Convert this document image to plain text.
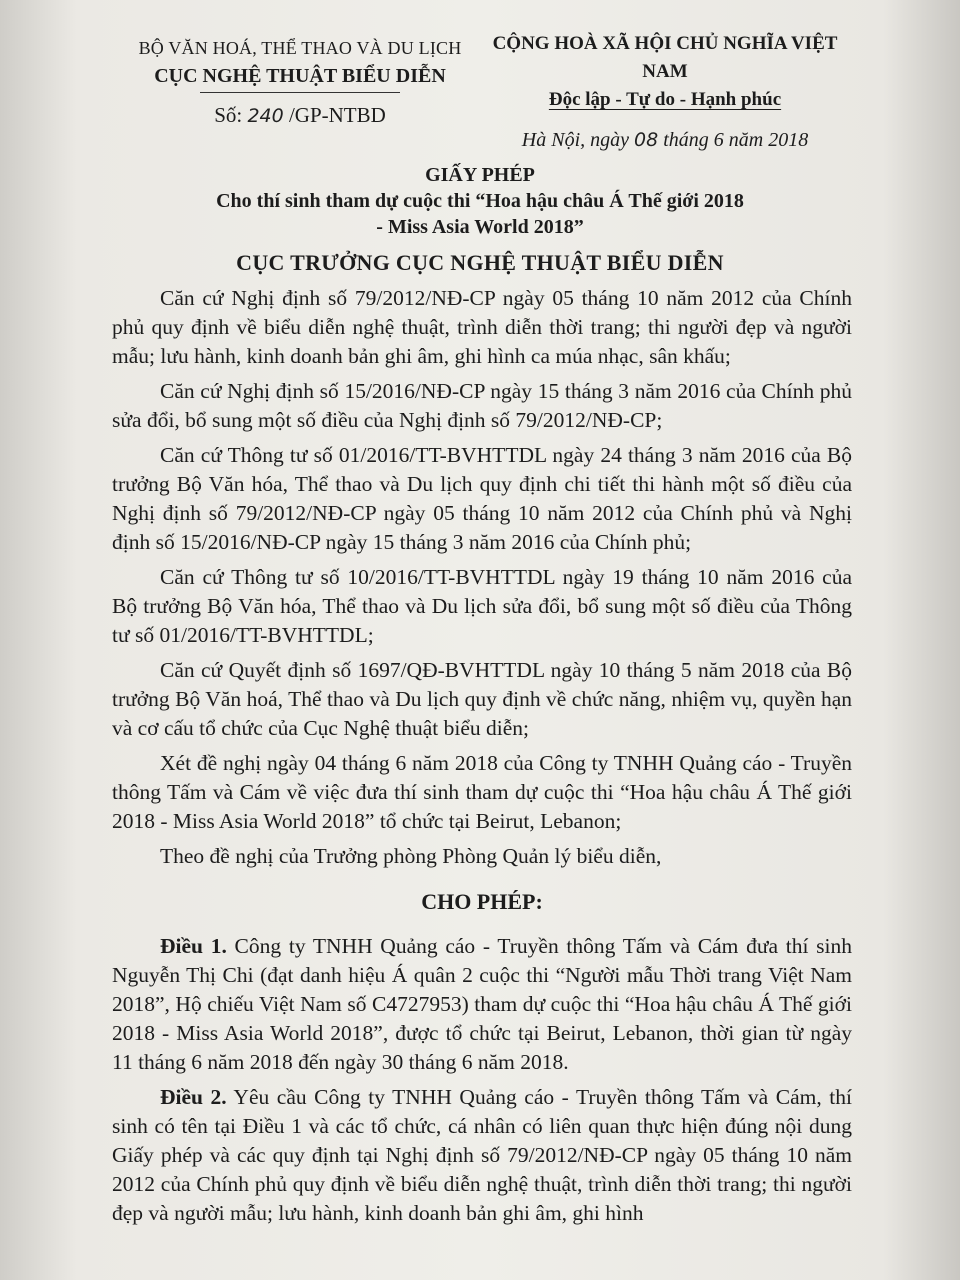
BỘ VĂN HOÁ, THỂ THAO VÀ DU LỊCH
CỤC NGHỆ THUẬT BIỂU DIỄN
Số: 240 /GP-NTBD
CỘNG HOÀ XÃ HỘI CHỦ NGHĨA VIỆT NAM
Độc lập - Tự do - Hạnh phúc
Hà Nội, ngày 08 tháng 6 năm 2018
GIẤY PHÉP
Cho thí sinh tham dự cuộc thi “Hoa hậu châu Á Thế giới 2018
- Miss Asia World 2018”
CỤC TRƯỞNG CỤC NGHỆ THUẬT BIỂU DIỄN

Căn cứ Nghị định số 79/2012/NĐ-CP ngày 05 tháng 10 năm 2012 của Chính phủ quy định về biểu diễn nghệ thuật, trình diễn thời trang; thi người đẹp và người mẫu; lưu hành, kinh doanh bản ghi âm, ghi hình ca múa nhạc, sân khấu;

Căn cứ Nghị định số 15/2016/NĐ-CP ngày 15 tháng 3 năm 2016 của Chính phủ sửa đổi, bổ sung một số điều của Nghị định số 79/2012/NĐ-CP;

Căn cứ Thông tư số 01/2016/TT-BVHTTDL ngày 24 tháng 3 năm 2016 của Bộ trưởng Bộ Văn hóa, Thể thao và Du lịch quy định chi tiết thi hành một số điều của Nghị định số 79/2012/NĐ-CP ngày 05 tháng 10 năm 2012 của Chính phủ và Nghị định số 15/2016/NĐ-CP ngày 15 tháng 3 năm 2016 của Chính phủ;

Căn cứ Thông tư số 10/2016/TT-BVHTTDL ngày 19 tháng 10 năm 2016 của Bộ trưởng Bộ Văn hóa, Thể thao và Du lịch sửa đổi, bổ sung một số điều của Thông tư số 01/2016/TT-BVHTTDL;

Căn cứ Quyết định số 1697/QĐ-BVHTTDL ngày 10 tháng 5 năm 2018 của Bộ trưởng Bộ Văn hoá, Thể thao và Du lịch quy định về chức năng, nhiệm vụ, quyền hạn và cơ cấu tổ chức của Cục Nghệ thuật biểu diễn;

Xét đề nghị ngày 04 tháng 6 năm 2018 của Công ty TNHH Quảng cáo - Truyền thông Tấm và Cám về việc đưa thí sinh tham dự cuộc thi “Hoa hậu châu Á Thế giới 2018 - Miss Asia World 2018” tổ chức tại Beirut, Lebanon;

Theo đề nghị của Trưởng phòng Phòng Quản lý biểu diễn,

CHO PHÉP:

Điều 1. Công ty TNHH Quảng cáo - Truyền thông Tấm và Cám đưa thí sinh Nguyễn Thị Chi (đạt danh hiệu Á quân 2 cuộc thi “Người mẫu Thời trang Việt Nam 2018”, Hộ chiếu Việt Nam số C4727953) tham dự cuộc thi “Hoa hậu châu Á Thế giới 2018 - Miss Asia World 2018”, được tổ chức tại Beirut, Lebanon, thời gian từ ngày 11 tháng 6 năm 2018 đến ngày 30 tháng 6 năm 2018.

Điều 2. Yêu cầu Công ty TNHH Quảng cáo - Truyền thông Tấm và Cám, thí sinh có tên tại Điều 1 và các tổ chức, cá nhân có liên quan thực hiện đúng nội dung Giấy phép và các quy định tại Nghị định số 79/2012/NĐ-CP ngày 05 tháng 10 năm 2012 của Chính phủ quy định về biểu diễn nghệ thuật, trình diễn thời trang; thi người đẹp và người mẫu; lưu hành, kinh doanh bản ghi âm, ghi hình
